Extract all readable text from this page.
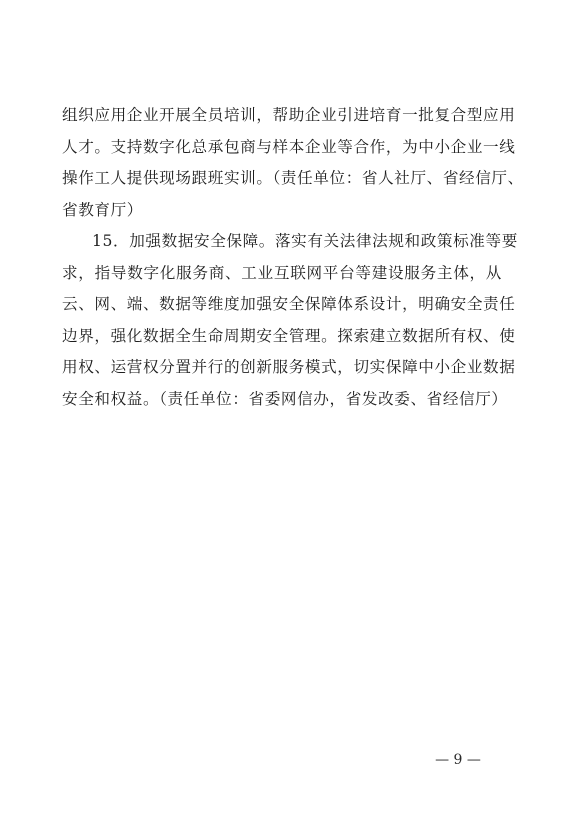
组织应用企业开展全员培训，帮助企业引进培育一批复合型应用
人才。支持数字化总承包商与样本企业等合作，为中小企业一线
操作工人提供现场跟班实训。（责任单位：省人社厅、省经信厅、
省教育厅）
15．加强数据安全保障。落实有关法律法规和政策标准等要
求，指导数字化服务商、工业互联网平台等建设服务主体，从
云、网、端、数据等维度加强安全保障体系设计，明确安全责任
边界，强化数据全生命周期安全管理。探索建立数据所有权、使
用权、运营权分置并行的创新服务模式，切实保障中小企业数据
安全和权益。（责任单位：省委网信办，省发改委、省经信厅）
— 9 —
